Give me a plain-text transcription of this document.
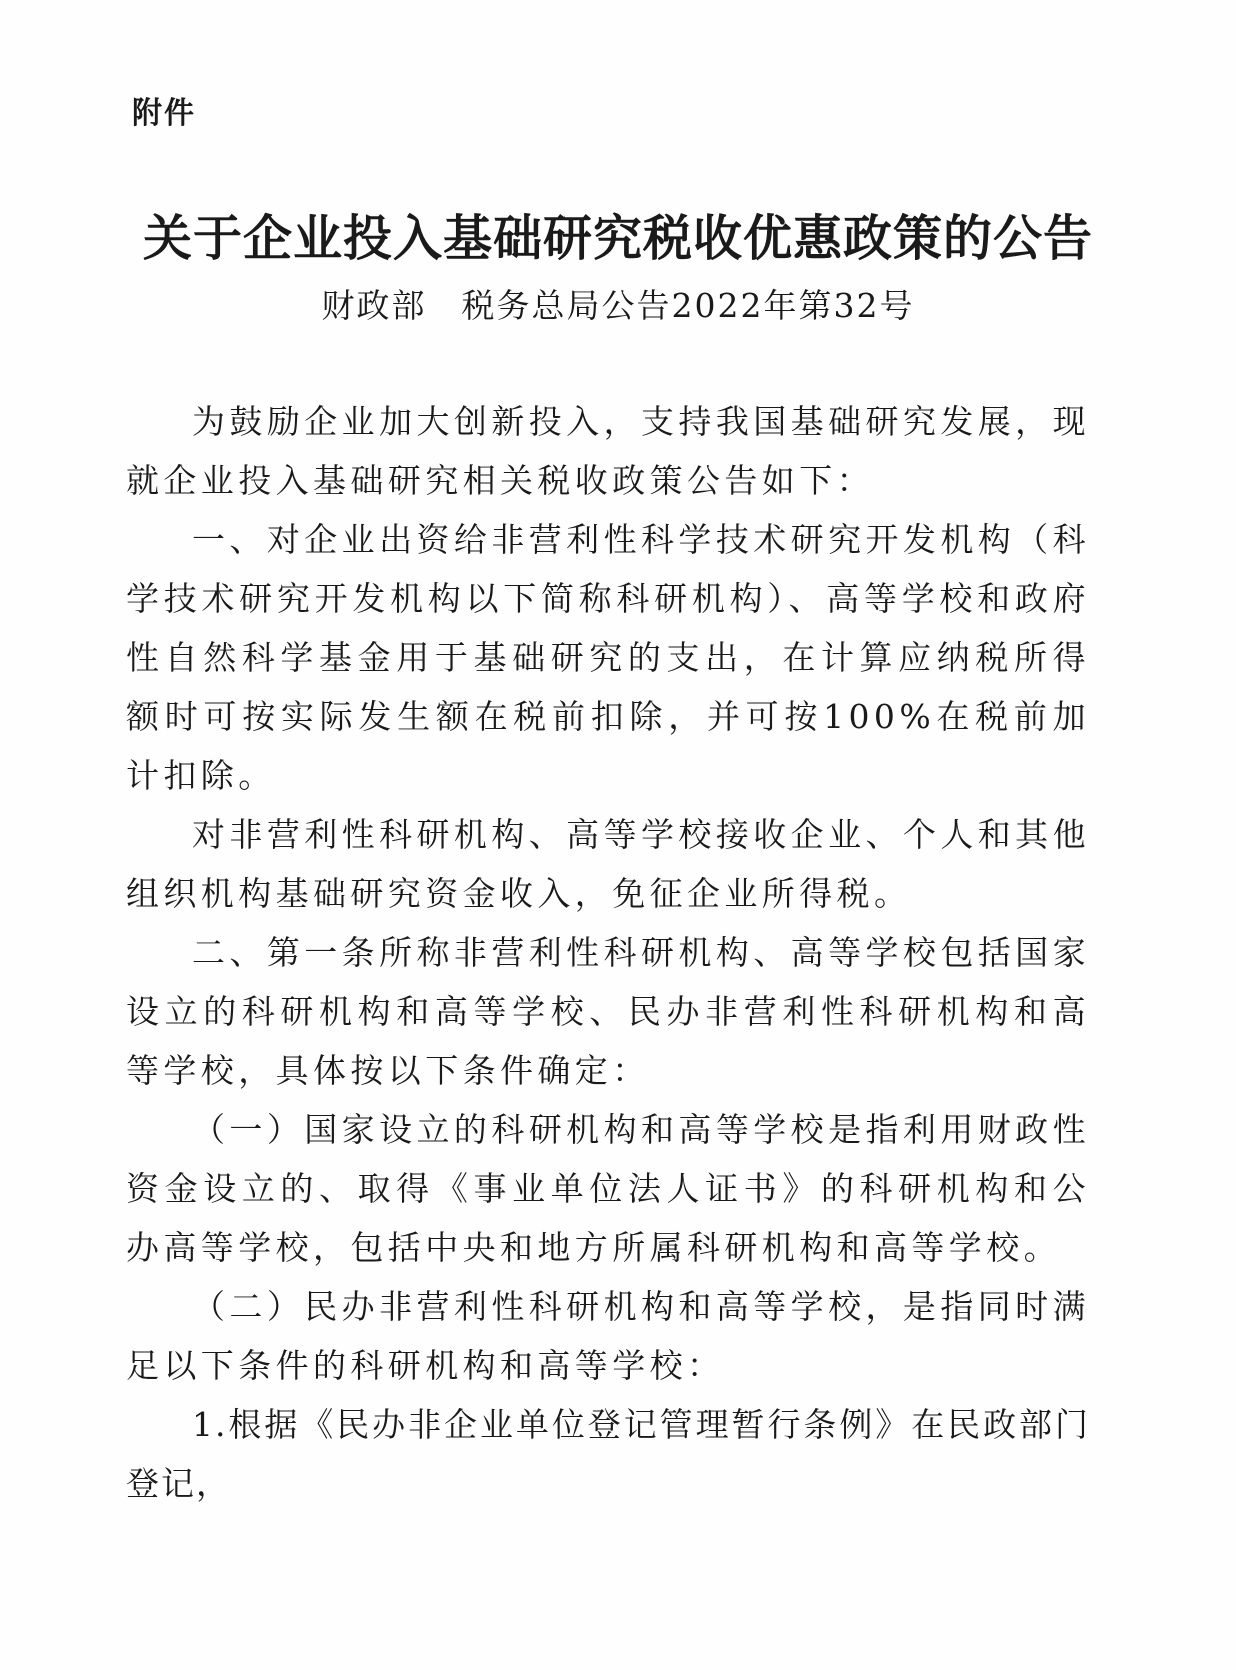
附件
关于企业投入基础研究税收优惠政策的公告
财政部　税务总局公告2022年第32号

为鼓励企业加大创新投入，支持我国基础研究发展，现就企业投入基础研究相关税收政策公告如下：

一、对企业出资给非营利性科学技术研究开发机构（科学技术研究开发机构以下简称科研机构）、高等学校和政府性自然科学基金用于基础研究的支出，在计算应纳税所得额时可按实际发生额在税前扣除，并可按100%在税前加计扣除。

对非营利性科研机构、高等学校接收企业、个人和其他组织机构基础研究资金收入，免征企业所得税。

二、第一条所称非营利性科研机构、高等学校包括国家设立的科研机构和高等学校、民办非营利性科研机构和高等学校，具体按以下条件确定：

（一）国家设立的科研机构和高等学校是指利用财政性资金设立的、取得《事业单位法人证书》的科研机构和公办高等学校，包括中央和地方所属科研机构和高等学校。

（二）民办非营利性科研机构和高等学校，是指同时满足以下条件的科研机构和高等学校：

1.根据《民办非企业单位登记管理暂行条例》在民政部门登记，
